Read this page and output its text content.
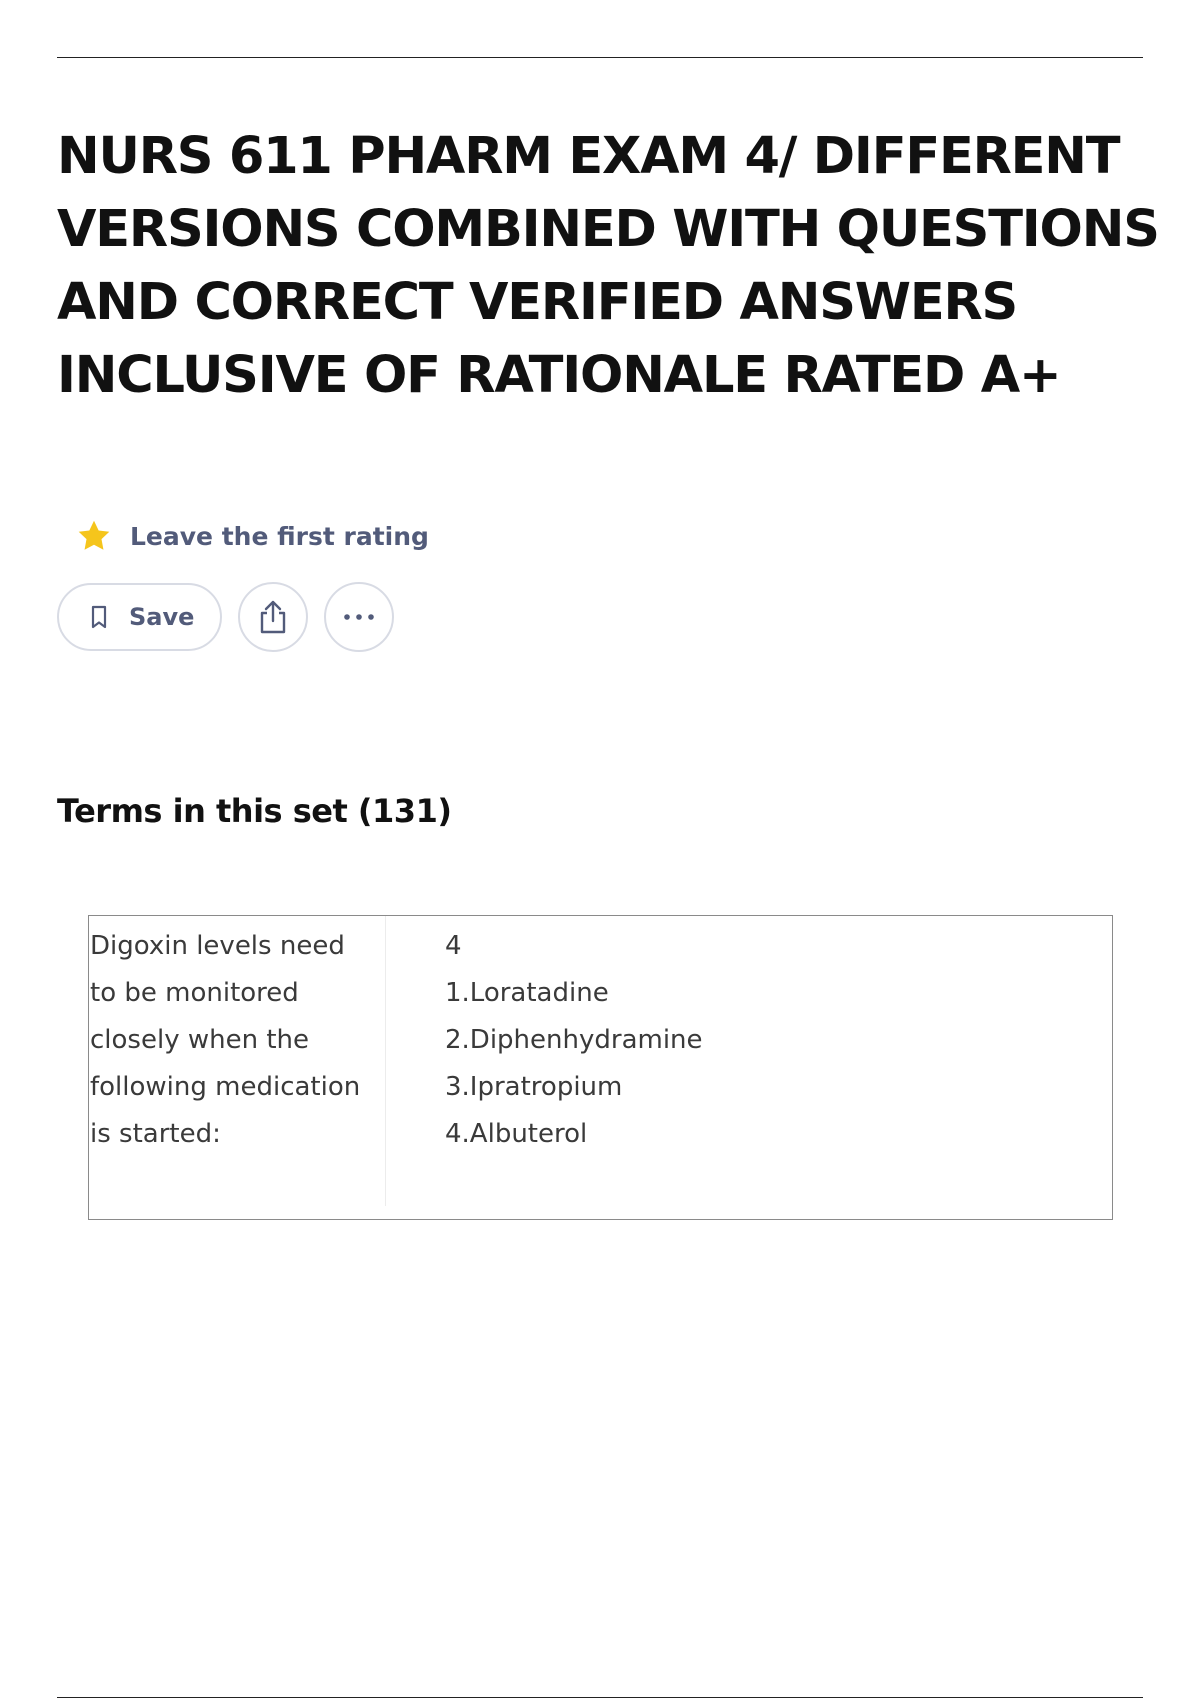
NURS 611 PHARM EXAM 4/ DIFFERENT VERSIONS COMBINED WITH QUESTIONS AND CORRECT VERIFIED ANSWERS INCLUSIVE OF RATIONALE RATED A+
Leave the first rating
Save
Terms in this set (131)

Digoxin levels need to be monitored closely when the following medication is started:

4
1.Loratadine
2.Diphenhydramine
3.Ipratropium
4.Albuterol
